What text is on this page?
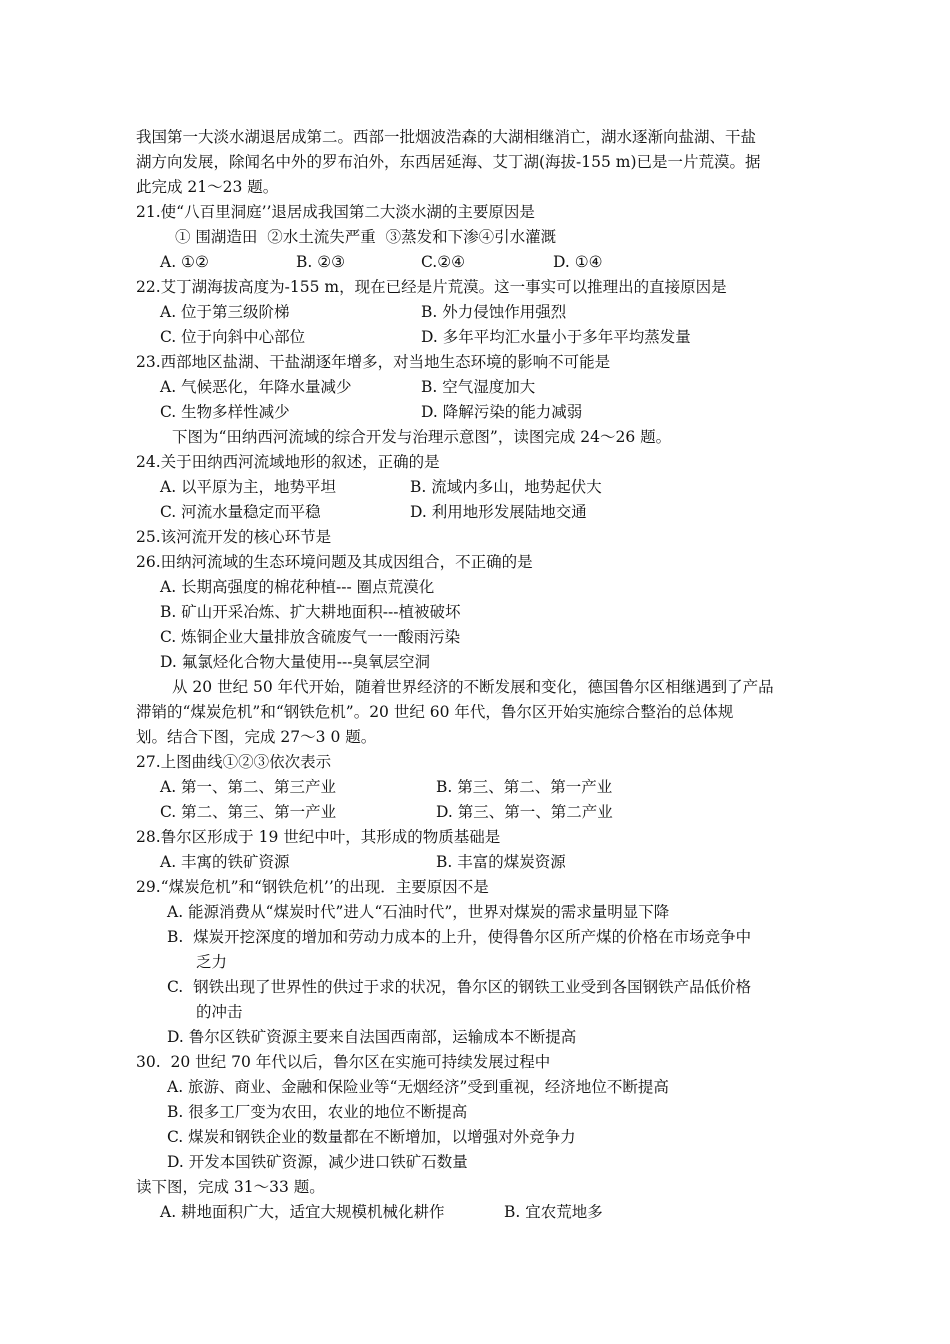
我国第一大淡水湖退居成第二。西部一批烟波浩森的大湖相继消亡，湖水逐渐向盐湖、干盐
湖方向发展，除闻名中外的罗布泊外，东西居延海、艾丁湖(海拔-155 m)已是一片荒漠。据
此完成 21～23 题。
21.使“八百里洞庭’’退居成我国第二大淡水湖的主要原因是
① 围湖造田  ②水土流失严重  ③蒸发和下渗④引水灌溉
A. ①②	B. ②③	C.②④	D. ①④
22.艾丁湖海拔高度为-155 m，现在已经是片荒漠。这一事实可以推理出的直接原因是
A. 位于第三级阶梯	B. 外力侵蚀作用强烈
C. 位于向斜中心部位	D. 多年平均汇水量小于多年平均蒸发量
23.西部地区盐湖、干盐湖逐年增多，对当地生态环境的影响不可能是
A. 气候恶化，年降水量减少	B. 空气湿度加大
C. 生物多样性减少	D. 降解污染的能力减弱
下图为“田纳西河流域的综合开发与治理示意图”，读图完成 24～26 题。
24.关于田纳西河流域地形的叙述，正确的是
A. 以平原为主，地势平坦	B. 流域内多山，地势起伏大
C. 河流水量稳定而平稳	D. 利用地形发展陆地交通
25.该河流开发的核心环节是
26.田纳河流域的生态环境问题及其成因组合，不正确的是
A. 长期高强度的棉花种植--- 圈点荒漠化
B. 矿山开采冶炼、扩大耕地面积---植被破坏
C. 炼铜企业大量排放含硫废气一一酸雨污染
D. 氟氯烃化合物大量使用---臭氧层空洞
从 20 世纪 50 年代开始，随着世界经济的不断发展和变化，德国鲁尔区相继遇到了产品
滞销的“煤炭危机”和“钢铁危机”。20 世纪 60 年代，鲁尔区开始实施综合整治的总体规
划。结合下图，完成 27～3 0 题。
27.上图曲线①②③依次表示
A. 第一、第二、第三产业	B. 第三、第二、第一产业
C. 第二、第三、第一产业	D. 第三、第一、第二产业
28.鲁尔区形成于 19 世纪中叶，其形成的物质基础是
A. 丰寓的铁矿资源	B. 丰富的煤炭资源
29.“煤炭危机”和“钢铁危机’’的出现．主要原因不是
A. 能源消费从“煤炭时代”进人“石油时代”，世界对煤炭的需求量明显下降
B.  煤炭开挖深度的增加和劳动力成本的上升，使得鲁尔区所产煤的价格在市场竞争中
乏力
C.  钢铁出现了世界性的供过于求的状况，鲁尔区的钢铁工业受到各国钢铁产品低价格
的冲击
D. 鲁尔区铁矿资源主要来自法国西南部，运输成本不断提高
30.  20 世纪 70 年代以后，鲁尔区在实施可持续发展过程中
A. 旅游、商业、金融和保险业等“无烟经济”受到重视，经济地位不断提高
B. 很多工厂变为农田，农业的地位不断提高
C. 煤炭和钢铁企业的数量都在不断增加，以增强对外竞争力
D. 开发本国铁矿资源，减少进口铁矿石数量
读下图，完成 31～33 题。
A. 耕地面积广大，适宜大规模机械化耕作	B. 宜农荒地多
